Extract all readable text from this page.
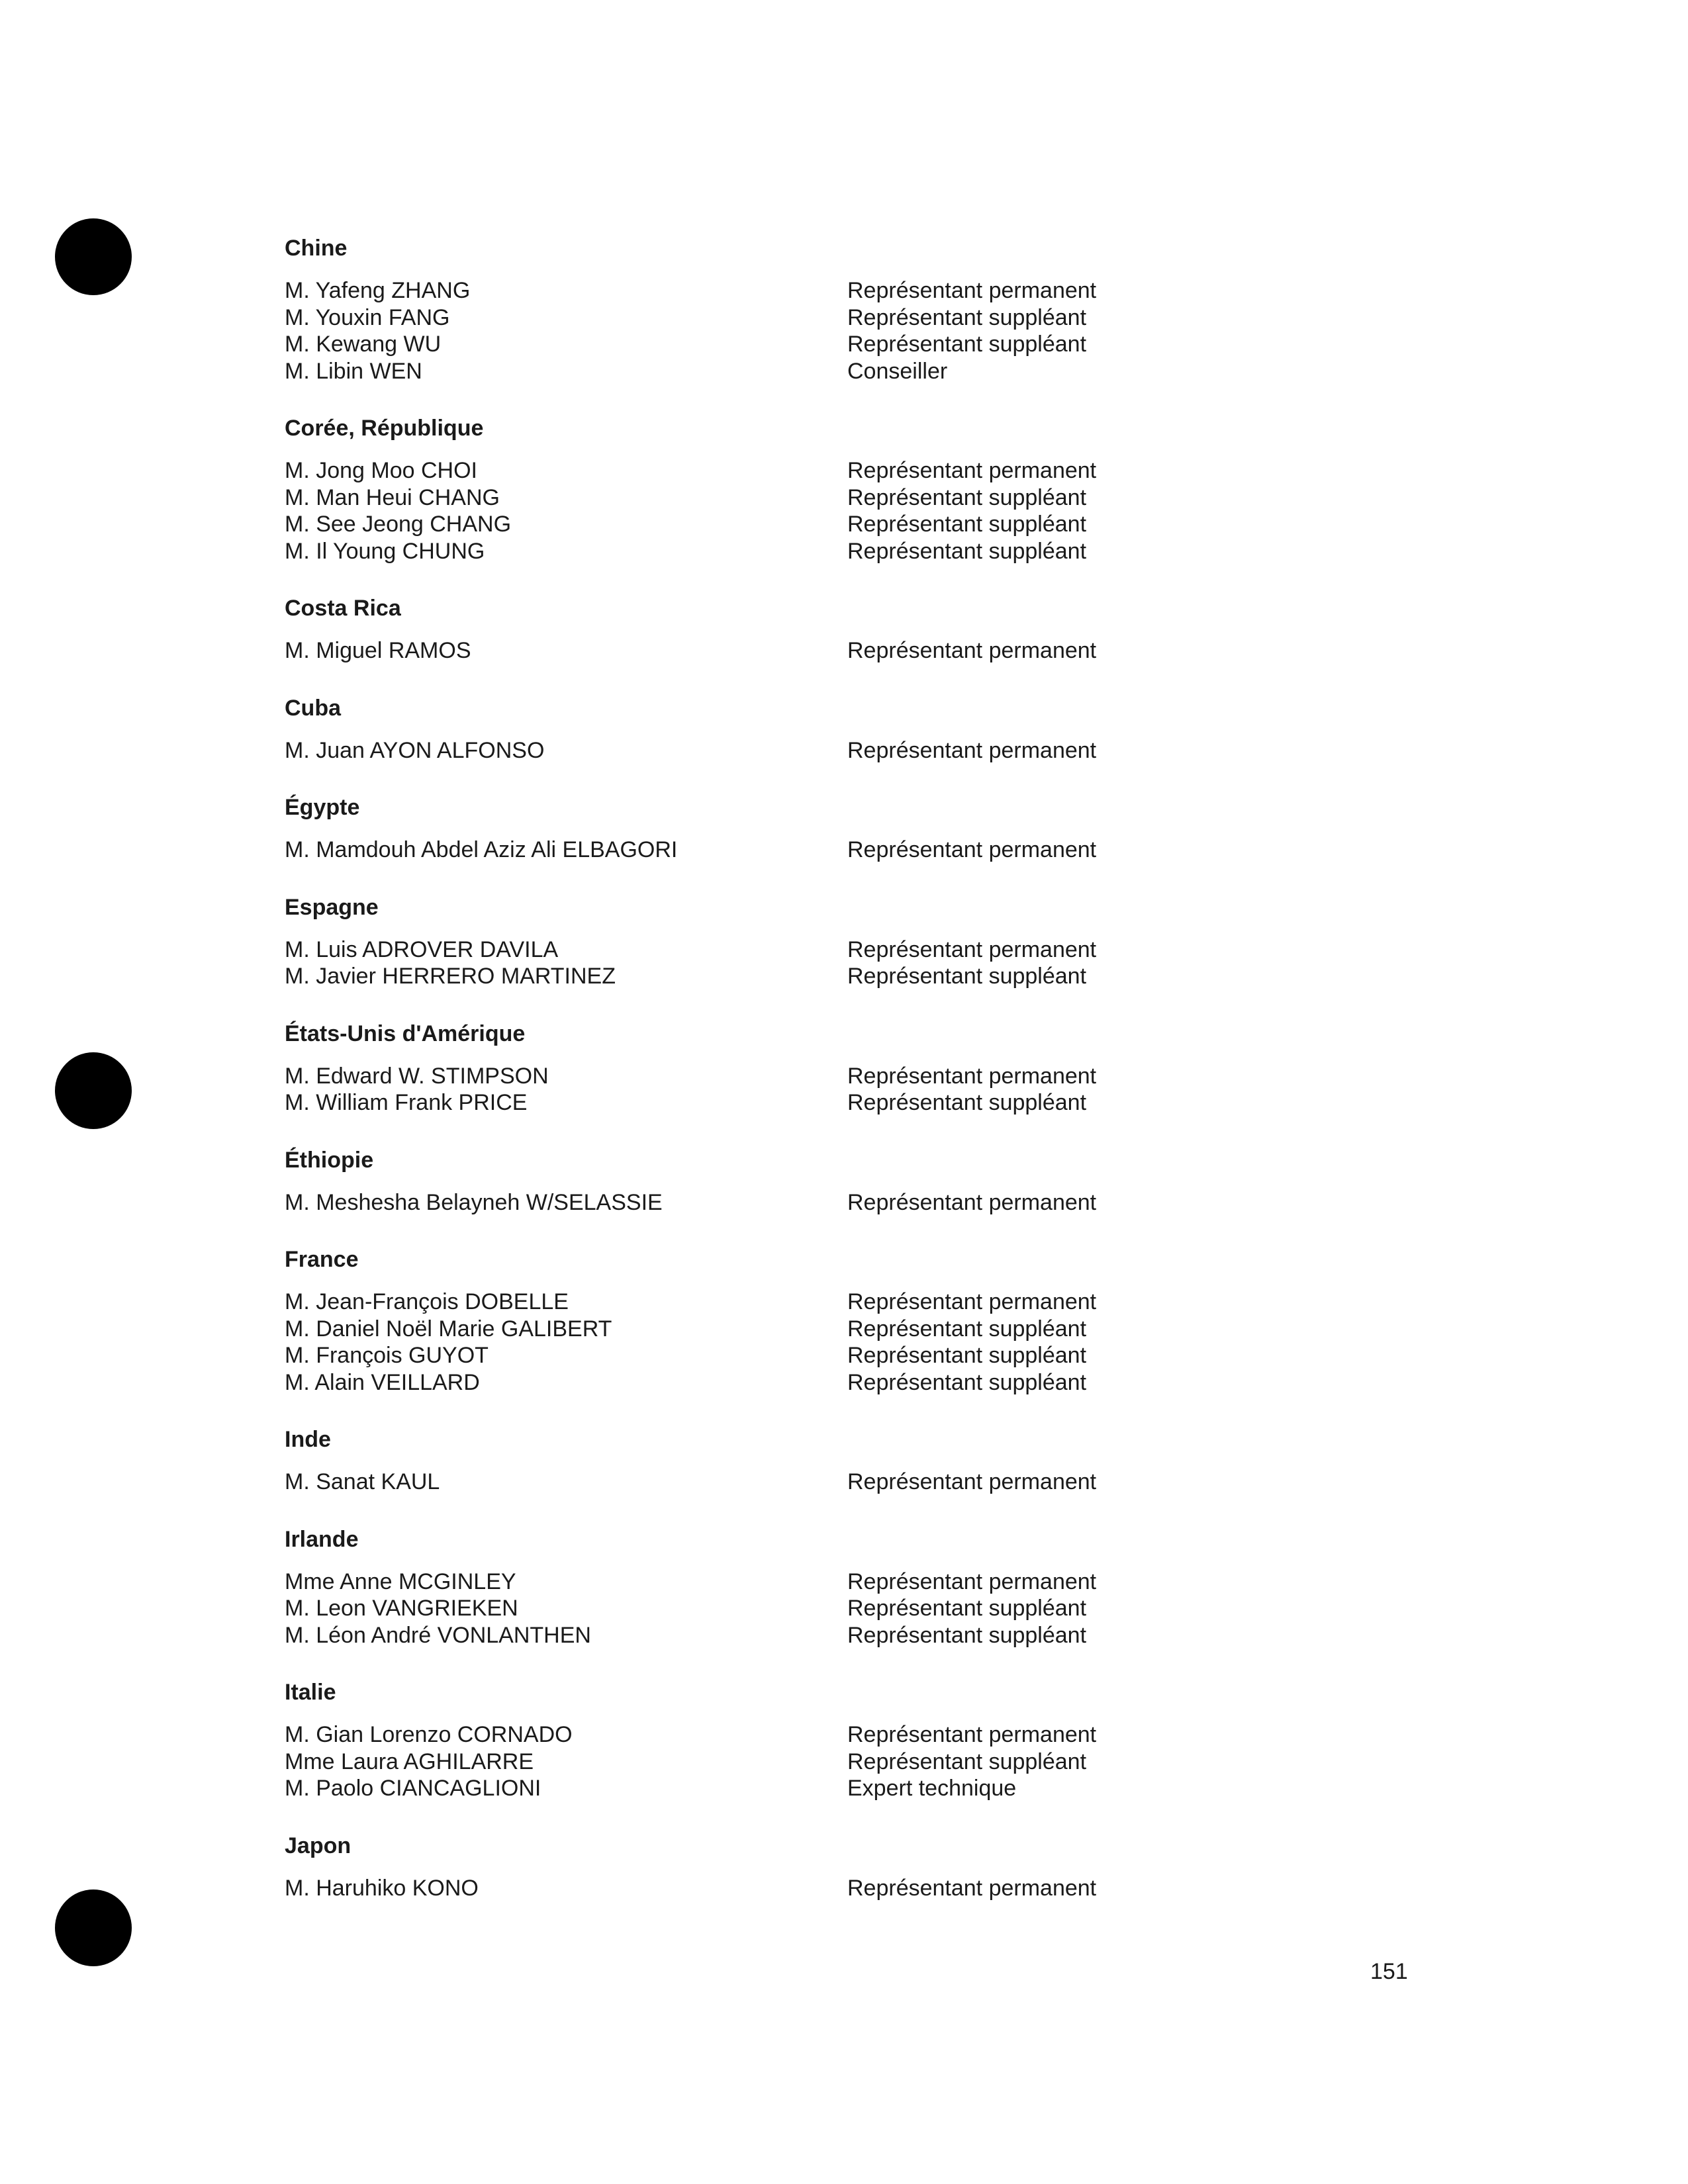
Chine
M. Yafeng ZHANG	Représentant permanent
M. Youxin FANG	Représentant suppléant
M. Kewang WU	Représentant suppléant
M. Libin WEN	Conseiller
Corée, République
M. Jong Moo CHOI	Représentant permanent
M. Man Heui CHANG	Représentant suppléant
M. See Jeong CHANG	Représentant suppléant
M. Il Young CHUNG	Représentant suppléant
Costa Rica
M. Miguel RAMOS	Représentant permanent
Cuba
M. Juan AYON ALFONSO	Représentant permanent
Égypte
M. Mamdouh Abdel Aziz Ali ELBAGORI	Représentant permanent
Espagne
M. Luis ADROVER DAVILA	Représentant permanent
M. Javier HERRERO MARTINEZ	Représentant suppléant
États-Unis d'Amérique
M. Edward W. STIMPSON	Représentant permanent
M. William Frank PRICE	Représentant suppléant
Éthiopie
M. Meshesha Belayneh W/SELASSIE	Représentant permanent
France
M. Jean-François DOBELLE	Représentant permanent
M. Daniel Noël Marie GALIBERT	Représentant suppléant
M. François GUYOT	Représentant suppléant
M. Alain VEILLARD	Représentant suppléant
Inde
M. Sanat KAUL	Représentant permanent
Irlande
Mme Anne MCGINLEY	Représentant permanent
M. Leon VANGRIEKEN	Représentant suppléant
M. Léon André VONLANTHEN	Représentant suppléant
Italie
M. Gian Lorenzo CORNADO	Représentant permanent
Mme Laura AGHILARRE	Représentant suppléant
M. Paolo CIANCAGLIONI	Expert technique
Japon
M. Haruhiko KONO	Représentant permanent
151
